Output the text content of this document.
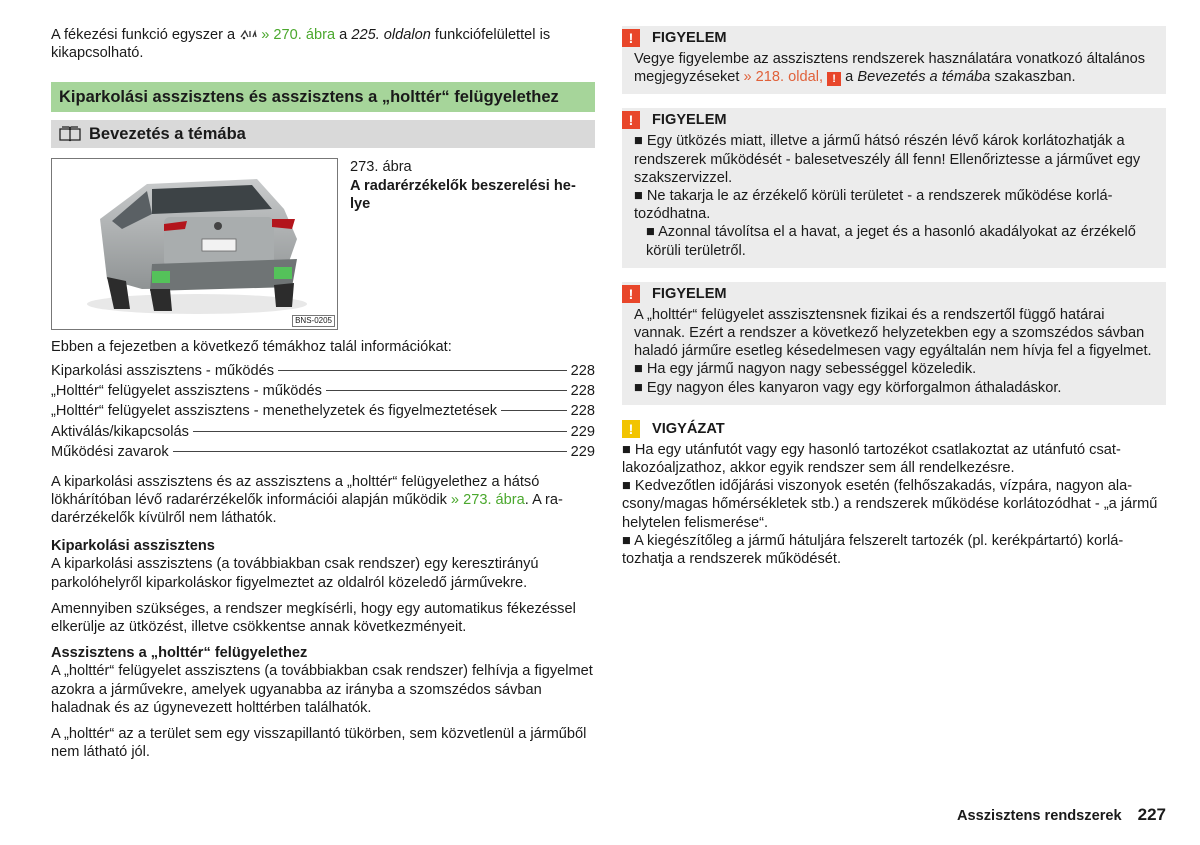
A fékezési funkció egyszer a  » 270. ábra a 225. oldalon funkciófelülettel is kikapcsolható.

Kiparkolási asszisztens és asszisztens a „holttér“ felügyelethez
Bevezetés a témába
BNS-0205

273. ábra

A radarérzékelők beszerelési helye

Ebben a fejezetben a következő témákhoz talál információkat:

Kiparkolási asszisztens - működés	228
„Holttér“ felügyelet asszisztens - működés	228
„Holttér“ felügyelet asszisztens - menethelyzetek és figyelmeztetések	228
Aktiválás/kikapcsolás	229
Működési zavarok	229

A kiparkolási asszisztens és az asszisztens a „holttér“ felügyelethez a hátsó lökhárítóban lévő radarérzékelők információi alapján működik » 273. ábra. A radarérzékelők kívülről nem láthatók.

Kiparkolási asszisztens

A kiparkolási asszisztens (a továbbiakban csak rendszer) egy keresztirányú parkolóhelyről kiparkoláskor figyelmeztet az oldalról közeledő járművekre.

Amennyiben szükséges, a rendszer megkísérli, hogy egy automatikus fékezéssel elkerülje az ütközést, illetve csökkentse annak következményeit.

Asszisztens a „holttér“ felügyelethez

A „holttér“ felügyelet asszisztens (a továbbiakban csak rendszer) felhívja a figyelmet azokra a járművekre, amelyek ugyanabba az irányba a szomszédos sávban haladnak és az úgynevezett holttérben találhatók.

A „holttér“ az a terület sem egy visszapillantó tükörben, sem közvetlenül a járműből nem látható jól.

!	FIGYELEM

Vegye figyelembe az asszisztens rendszerek használatára vonatkozó általános megjegyzéseket » 218. oldal, ! a Bevezetés a témába szakaszban.

!	FIGYELEM

■ Egy ütközés miatt, illetve a jármű hátsó részén lévő károk korlátozhatják a rendszerek működését - balesetveszély áll fenn! Ellenőriztesse a járművet egy szakszervizzel.

■ Ne takarja le az érzékelő körüli területet - a rendszerek működése korlátozódhatna.

■ Azonnal távolítsa el a havat, a jeget és a hasonló akadályokat az érzékelő körüli területről.

!	FIGYELEM

A „holttér“ felügyelet asszisztensnek fizikai és a rendszertől függő határai vannak. Ezért a rendszer a következő helyzetekben egy a szomszédos sávban haladó járműre esetleg késedelmesen vagy egyáltalán nem hívja fel a figyelmet.

■ Ha egy jármű nagyon nagy sebességgel közeledik.

■ Egy nagyon éles kanyaron vagy egy körforgalmon áthaladáskor.

!	VIGYÁZAT

■ Ha egy utánfutót vagy egy hasonló tartozékot csatlakoztat az utánfutó csatlakozóaljzathoz, akkor egyik rendszer sem áll rendelkezésre.

■ Kedvezőtlen időjárási viszonyok esetén (felhőszakadás, vízpára, nagyon alacsony/magas hőmérsékletek stb.) a rendszerek működése korlátozódhat - „a jármű helytelen felismerése“.

■ A kiegészítőleg a jármű hátuljára felszerelt tartozék (pl. kerékpártartó) korlátozhatja a rendszerek működését.

Asszisztens rendszerek 227
